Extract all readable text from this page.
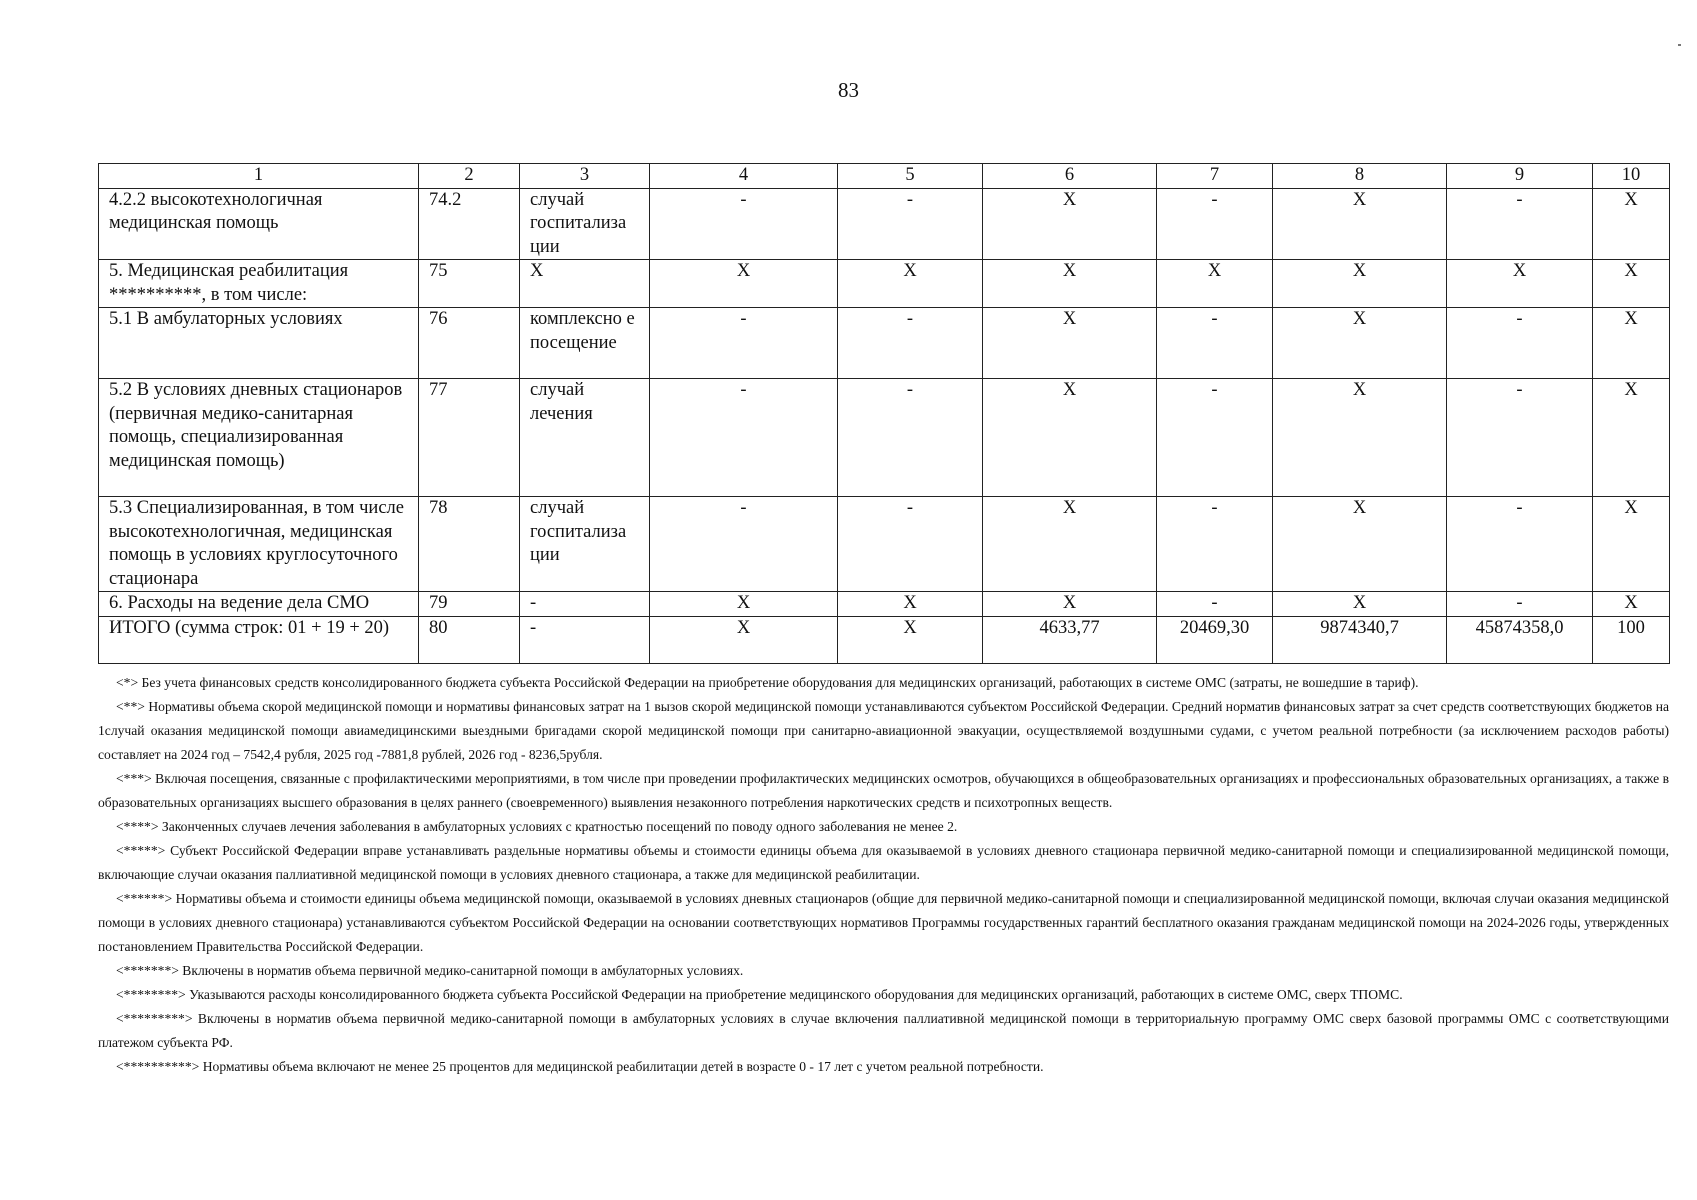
83
1	2	3	4	5	6	7	8	9	10
4.2.2 высокотехнологичная медицинская помощь	74.2	случай госпитализа ции	-	-	X	-	X	-	X
5. Медицинская реабилитация **********, в том числе:	75	X	X	X	X	X	X	X	X
5.1 В амбулаторных условиях	76	комплексно е посещение	-	-	X	-	X	-	X
5.2 В условиях дневных стационаров (первичная медико-санитарная помощь, специализированная медицинская помощь)	77	случай лечения	-	-	X	-	X	-	X
5.3 Специализированная, в том числе высокотехнологичная, медицинская помощь в условиях круглосуточного стационара	78	случай госпитализа ции	-	-	X	-	X	-	X
6. Расходы на ведение дела СМО	79	-	X	X	X	-	X	-	X
ИТОГО (сумма строк: 01 + 19 + 20)	80	-	X	X	4633,77	20469,30	9874340,7	45874358,0	100
<*> Без учета финансовых средств консолидированного бюджета субъекта Российской Федерации на приобретение оборудования для медицинских организаций, работающих в системе ОМС (затраты, не вошедшие в тариф).
<**> Нормативы объема скорой медицинской помощи и нормативы финансовых затрат на 1 вызов скорой медицинской помощи устанавливаются субъектом Российской Федерации. Средний норматив финансовых затрат за счет средств соответствующих бюджетов на 1случай оказания медицинской помощи авиамедицинскими выездными бригадами скорой медицинской помощи при санитарно-авиационной эвакуации, осуществляемой воздушными судами, с учетом реальной потребности (за исключением расходов работы) составляет на 2024 год – 7542,4 рубля, 2025 год -7881,8 рублей, 2026 год - 8236,5рубля.
<***> Включая посещения, связанные с профилактическими мероприятиями, в том числе при проведении профилактических медицинских осмотров, обучающихся в общеобразовательных организациях и профессиональных образовательных организациях, а также в образовательных организациях высшего образования в целях раннего (своевременного) выявления незаконного потребления наркотических средств и психотропных веществ.
<****> Законченных случаев лечения заболевания в амбулаторных условиях с кратностью посещений по поводу одного заболевания не менее 2.
<*****> Субъект Российской Федерации вправе устанавливать раздельные нормативы объемы и стоимости единицы объема для оказываемой в условиях дневного стационара первичной медико-санитарной помощи и специализированной медицинской помощи, включающие случаи оказания паллиативной медицинской помощи в условиях дневного стационара, а также для медицинской реабилитации.
<******> Нормативы объема и стоимости единицы объема медицинской помощи, оказываемой в условиях дневных стационаров (общие для первичной медико-санитарной помощи и специализированной медицинской помощи, включая случаи оказания медицинской помощи в условиях дневного стационара) устанавливаются субъектом Российской Федерации на основании соответствующих нормативов Программы государственных гарантий бесплатного оказания гражданам медицинской помощи на 2024-2026 годы, утвержденных постановлением Правительства Российской Федерации.
<*******> Включены в норматив объема первичной медико-санитарной помощи в амбулаторных условиях.
<********> Указываются расходы консолидированного бюджета субъекта Российской Федерации на приобретение медицинского оборудования для медицинских организаций, работающих в системе ОМС, сверх ТПОМС.
<*********> Включены в норматив объема первичной медико-санитарной помощи в амбулаторных условиях в случае включения паллиативной медицинской помощи в территориальную программу ОМС сверх базовой программы ОМС с соответствующими платежом субъекта РФ.
<**********> Нормативы объема включают не менее 25 процентов для медицинской реабилитации детей в возрасте 0 - 17 лет с учетом реальной потребности.
